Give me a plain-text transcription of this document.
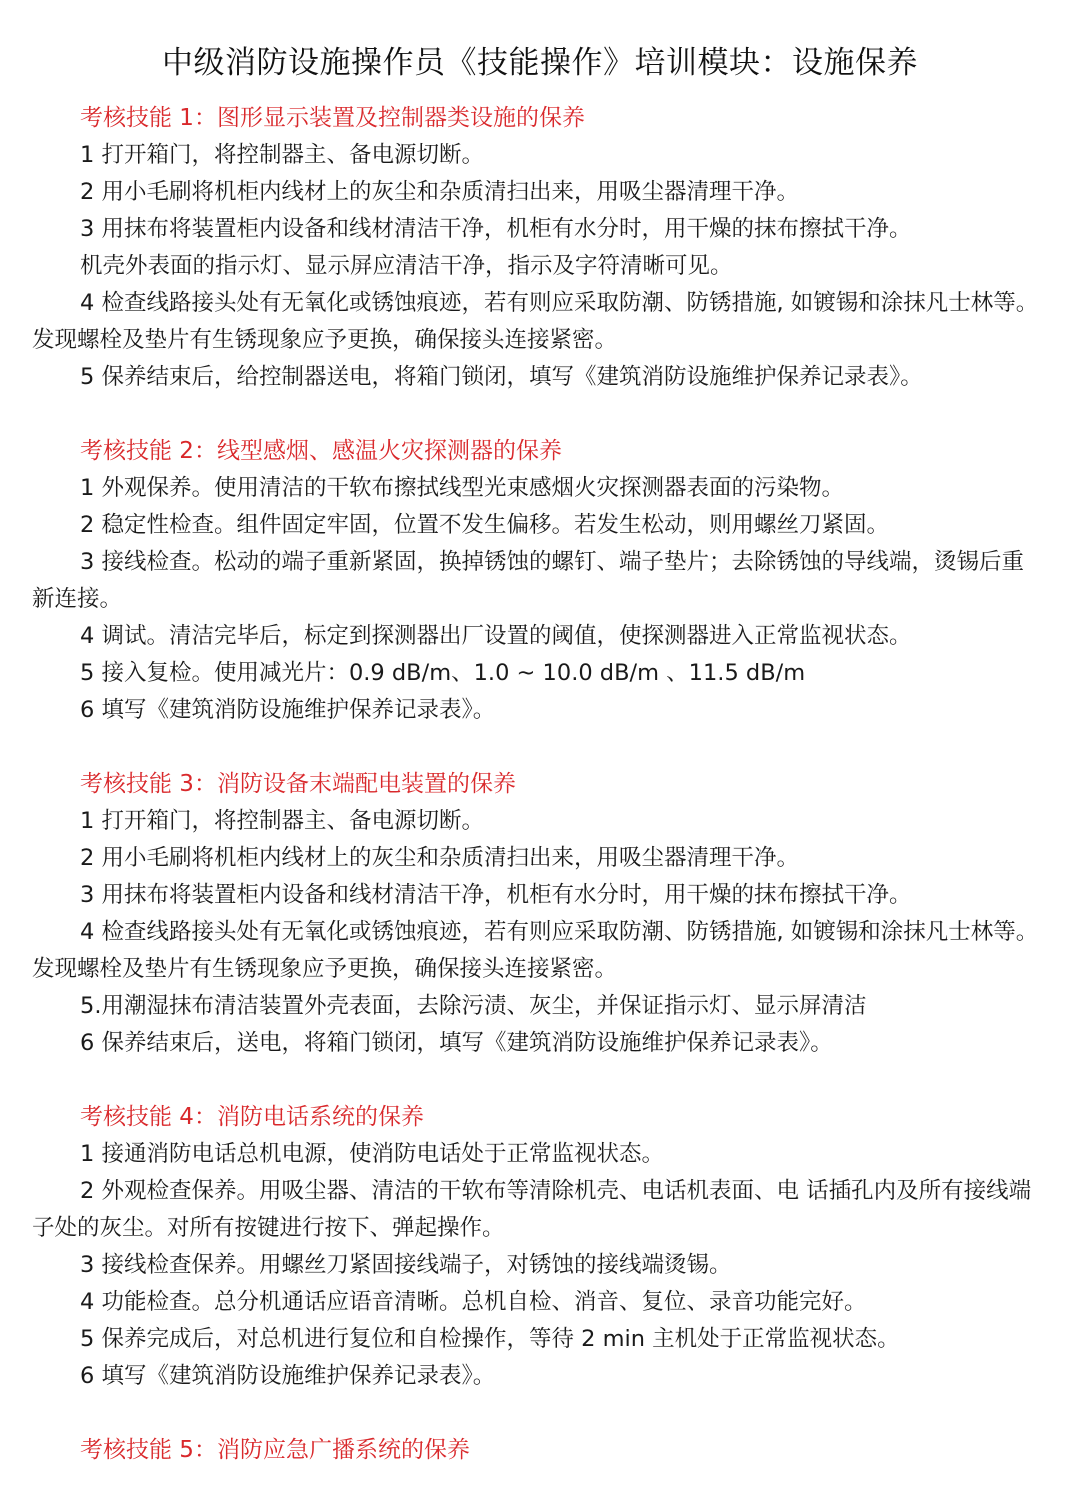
中级消防设施操作员《技能操作》培训模块：设施保养
考核技能 1：图形显示装置及控制器类设施的保养
1 打开箱门，将控制器主、备电源切断。
2 用小毛刷将机柜内线材上的灰尘和杂质清扫出来，用吸尘器清理干净。
3 用抹布将装置柜内设备和线材清洁干净，机柜有水分时，用干燥的抹布擦拭干净。
机壳外表面的指示灯、显示屏应清洁干净，指示及字符清晰可见。
4 检查线路接头处有无氧化或锈蚀痕迹，若有则应采取防潮、防锈措施, 如镀锡和涂抹凡士林等。发现螺栓及垫片有生锈现象应予更换，确保接头连接紧密。
5 保养结束后，给控制器送电，将箱门锁闭，填写《建筑消防设施维护保养记录表》。
考核技能 2：线型感烟、感温火灾探测器的保养
1 外观保养。使用清洁的干软布擦拭线型光束感烟火灾探测器表面的污染物。
2 稳定性检查。组件固定牢固，位置不发生偏移。若发生松动，则用螺丝刀紧固。
3 接线检查。松动的端子重新紧固，换掉锈蚀的螺钉、端子垫片；去除锈蚀的导线端，烫锡后重新连接。
4 调试。清洁完毕后，标定到探测器出厂设置的阈值，使探测器进入正常监视状态。
5 接入复检。使用减光片：0.9 dB/m、1.0 ~ 10.0 dB/m 、11.5 dB/m
6 填写《建筑消防设施维护保养记录表》。
考核技能 3：消防设备末端配电装置的保养
1 打开箱门，将控制器主、备电源切断。
2 用小毛刷将机柜内线材上的灰尘和杂质清扫出来，用吸尘器清理干净。
3 用抹布将装置柜内设备和线材清洁干净，机柜有水分时，用干燥的抹布擦拭干净。
4 检查线路接头处有无氧化或锈蚀痕迹，若有则应采取防潮、防锈措施, 如镀锡和涂抹凡士林等。发现螺栓及垫片有生锈现象应予更换，确保接头连接紧密。
5.用潮湿抹布清洁装置外壳表面，去除污渍、灰尘，并保证指示灯、显示屏清洁
6 保养结束后，送电，将箱门锁闭，填写《建筑消防设施维护保养记录表》。
考核技能 4：消防电话系统的保养
1 接通消防电话总机电源，使消防电话处于正常监视状态。
2 外观检查保养。用吸尘器、清洁的干软布等清除机壳、电话机表面、电 话插孔内及所有接线端子处的灰尘。对所有按键进行按下、弹起操作。
3 接线检查保养。用螺丝刀紧固接线端子，对锈蚀的接线端烫锡。
4 功能检查。总分机通话应语音清晰。总机自检、消音、复位、录音功能完好。
5 保养完成后，对总机进行复位和自检操作，等待 2 min 主机处于正常监视状态。
6 填写《建筑消防设施维护保养记录表》。
考核技能 5：消防应急广播系统的保养
